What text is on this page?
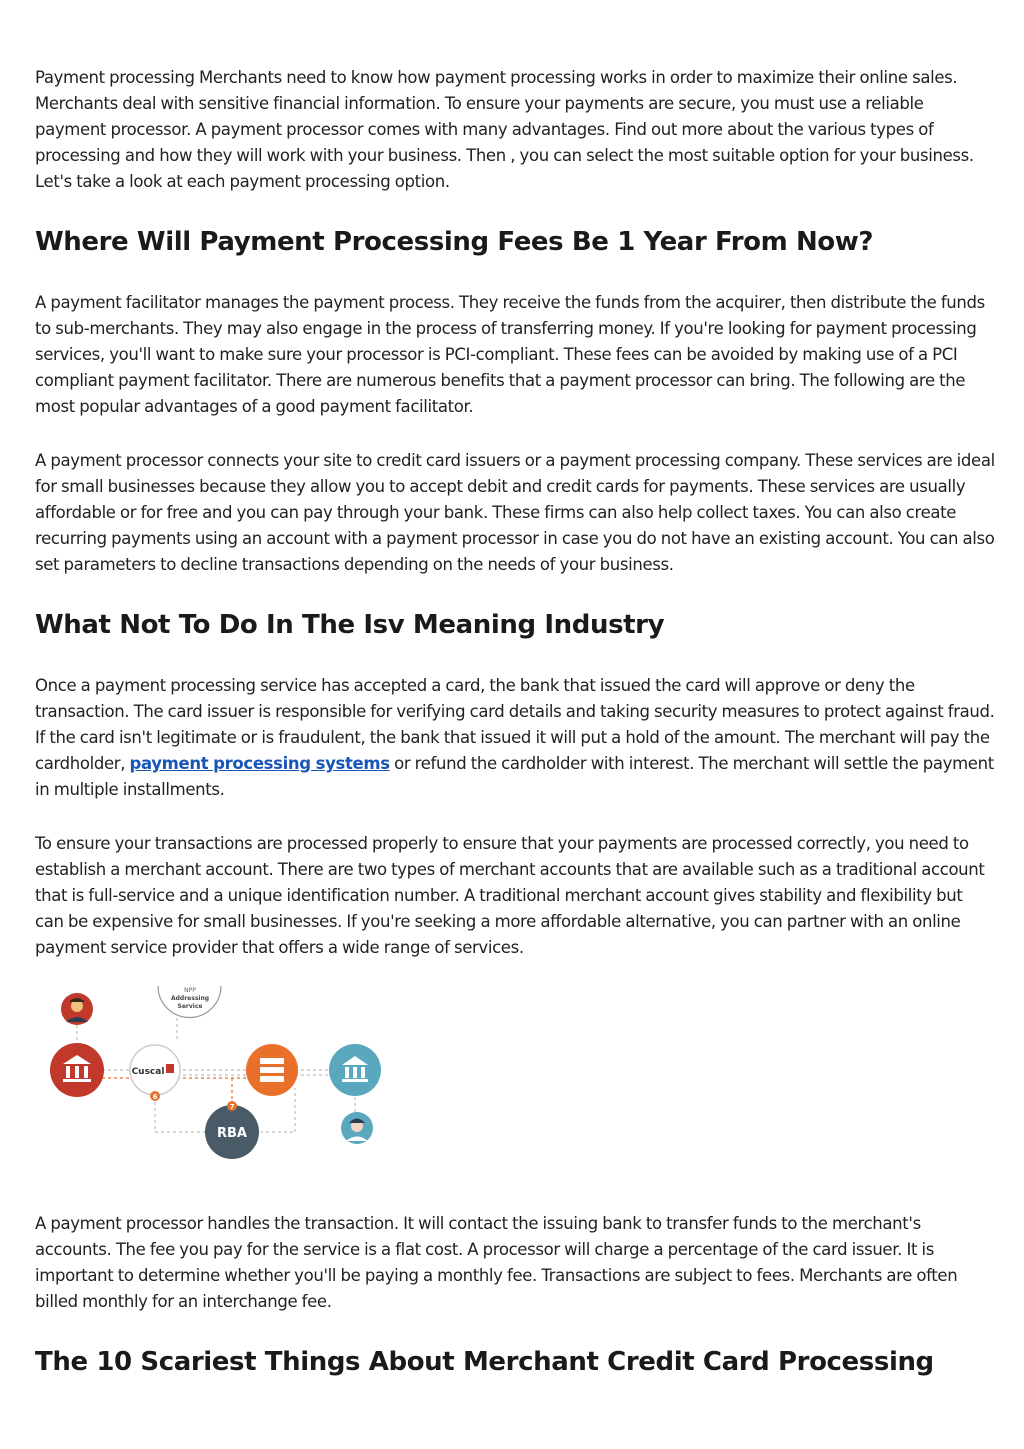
Payment processing Merchants need to know how payment processing works in order to maximize their online sales. Merchants deal with sensitive financial information. To ensure your payments are secure, you must use a reliable payment processor. A payment processor comes with many advantages. Find out more about the various types of processing and how they will work with your business. Then , you can select the most suitable option for your business. Let's take a look at each payment processing option.

Where Will Payment Processing Fees Be 1 Year From Now?

A payment facilitator manages the payment process. They receive the funds from the acquirer, then distribute the funds to sub-merchants. They may also engage in the process of transferring money. If you're looking for payment processing services, you'll want to make sure your processor is PCI-compliant. These fees can be avoided by making use of a PCI compliant payment facilitator. There are numerous benefits that a payment processor can bring. The following are the most popular advantages of a good payment facilitator.

A payment processor connects your site to credit card issuers or a payment processing company. These services are ideal for small businesses because they allow you to accept debit and credit cards for payments. These services are usually affordable or for free and you can pay through your bank. These firms can also help collect taxes. You can also create recurring payments using an account with a payment processor in case you do not have an existing account. You can also set parameters to decline transactions depending on the needs of your business.

What Not To Do In The Isv Meaning Industry

Once a payment processing service has accepted a card, the bank that issued the card will approve or deny the transaction. The card issuer is responsible for verifying card details and taking security measures to protect against fraud. If the card isn't legitimate or is fraudulent, the bank that issued it will put a hold of the amount. The merchant will pay the cardholder, payment processing systems or refund the cardholder with interest. The merchant will settle the payment in multiple installments.

To ensure your transactions are processed properly to ensure that your payments are processed correctly, you need to establish a merchant account. There are two types of merchant accounts that are available such as a traditional account that is full-service and a unique identification number. A traditional merchant account gives stability and flexibility but can be expensive for small businesses. If you're seeking a more affordable alternative, you can partner with an online payment service provider that offers a wide range of services.

NPP
Addressing
Service
Cuscal
RBA
6
7

A payment processor handles the transaction. It will contact the issuing bank to transfer funds to the merchant's accounts. The fee you pay for the service is a flat cost. A processor will charge a percentage of the card issuer. It is important to determine whether you'll be paying a monthly fee. Transactions are subject to fees. Merchants are often billed monthly for an interchange fee.

The 10 Scariest Things About Merchant Credit Card Processing
